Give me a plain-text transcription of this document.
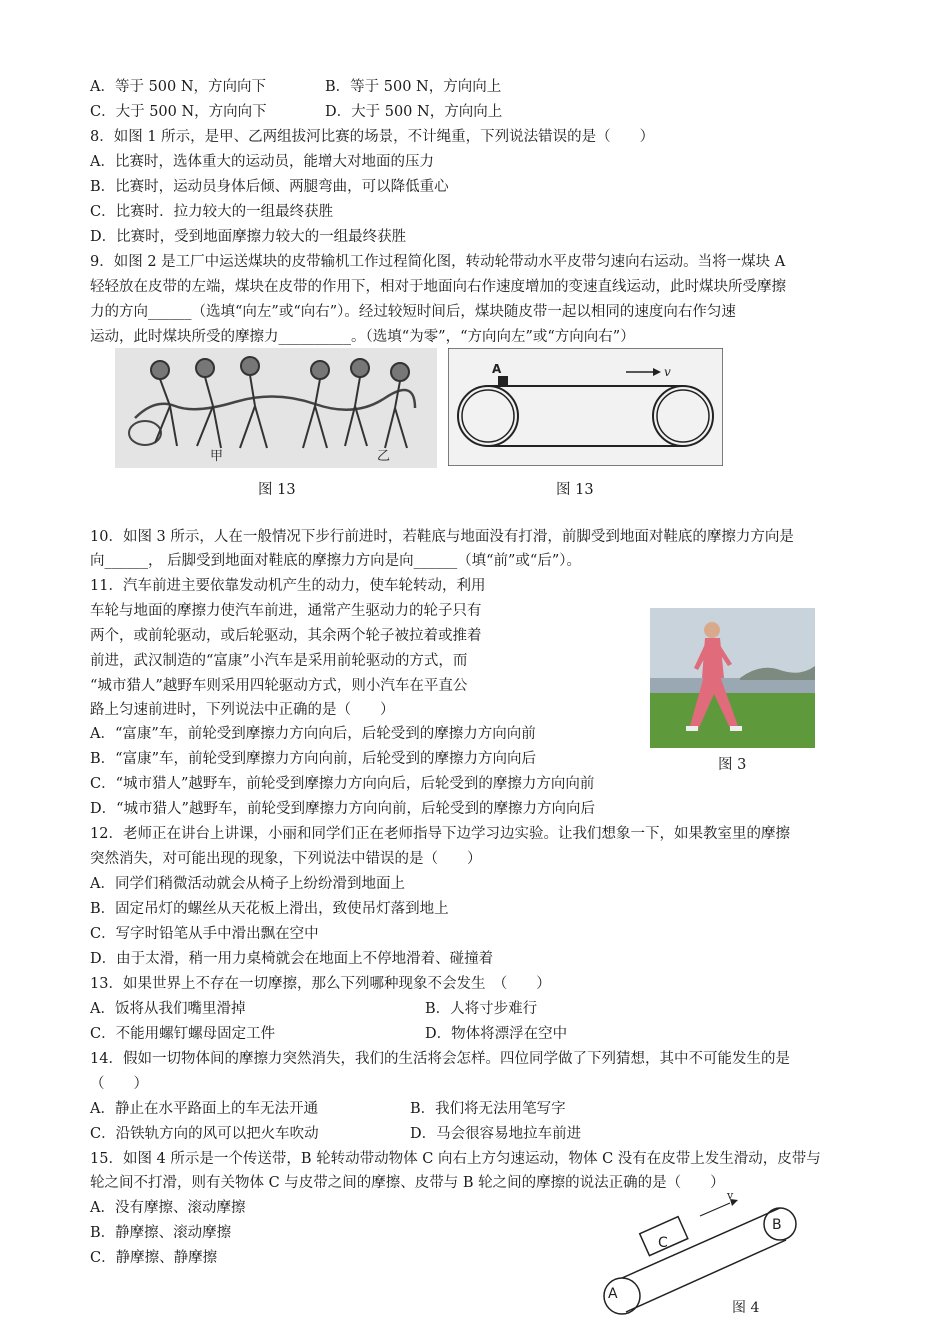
A．等于 500 N，方向向下	B．等于 500 N，方向向上
C．大于 500 N，方向向下	D．大于 500 N，方向向上
8．如图 1 所示，是甲、乙两组拔河比赛的场景，不计绳重，下列说法错误的是（　　）
A．比赛时，选体重大的运动员，能增大对地面的压力
B．比赛时，运动员身体后倾、两腿弯曲，可以降低重心
C．比赛时．拉力较大的一组最终获胜
D．比赛时，受到地面摩擦力较大的一组最终获胜
9．如图 2 是工厂中运送煤块的皮带输机工作过程简化图，转动轮带动水平皮带匀速向右运动。当将一煤块 A
轻轻放在皮带的左端，煤块在皮带的作用下，相对于地面向右作速度增加的变速直线运动，此时煤块所受摩擦
力的方向______（选填“向左”或“向右”）。经过较短时间后，煤块随皮带一起以相同的速度向右作匀速
运动，此时煤块所受的摩擦力__________。（选填“为零”，“方向向左”或“方向向右”）
甲	乙
图 13
A	v
图 13
10．如图 3 所示，人在一般情况下步行前进时，若鞋底与地面没有打滑，前脚受到地面对鞋底的摩擦力方向是
向______， 后脚受到地面对鞋底的摩擦力方向是向______（填“前”或“后”）。
11．汽车前进主要依靠发动机产生的动力，使车轮转动，利用
车轮与地面的摩擦力使汽车前进，通常产生驱动力的轮子只有
两个，或前轮驱动，或后轮驱动，其余两个轮子被拉着或推着
前进，武汉制造的“富康”小汽车是采用前轮驱动的方式，而
“城市猎人”越野车则采用四轮驱动方式，则小汽车在平直公
路上匀速前进时，下列说法中正确的是（　　）
A．“富康”车，前轮受到摩擦力方向向后，后轮受到的摩擦力方向向前
B．“富康”车，前轮受到摩擦力方向向前，后轮受到的摩擦力方向向后
C．“城市猎人”越野车，前轮受到摩擦力方向向后，后轮受到的摩擦力方向向前
D．“城市猎人”越野车，前轮受到摩擦力方向向前，后轮受到的摩擦力方向向后
图 3
12．老师正在讲台上讲课，小丽和同学们正在老师指导下边学习边实验。让我们想象一下，如果教室里的摩擦
突然消失，对可能出现的现象，下列说法中错误的是（　　）
A．同学们稍微活动就会从椅子上纷纷滑到地面上
B．固定吊灯的螺丝从天花板上滑出，致使吊灯落到地上
C．写字时铅笔从手中滑出飘在空中
D．由于太滑，稍一用力桌椅就会在地面上不停地滑着、碰撞着
13．如果世界上不存在一切摩擦，那么下列哪种现象不会发生　（　　）
A．饭将从我们嘴里滑掉	B．人将寸步难行
C．不能用螺钉螺母固定工件	D．物体将漂浮在空中
14．假如一切物体间的摩擦力突然消失，我们的生活将会怎样。四位同学做了下列猜想，其中不可能发生的是
（　　）
A．静止在水平路面上的车无法开通	B．我们将无法用笔写字
C．沿铁轨方向的风可以把火车吹动	D．马会很容易地拉车前进
15．如图 4 所示是一个传送带，B 轮转动带动物体 C 向右上方匀速运动，物体 C 没有在皮带上发生滑动，皮带与
轮之间不打滑，则有关物体 C 与皮带之间的摩擦、皮带与 B 轮之间的摩擦的说法正确的是（　　）
A．没有摩擦、滚动摩擦
B．静摩擦、滚动摩擦
C．静摩擦、静摩擦
C
v
A
B
图 4
